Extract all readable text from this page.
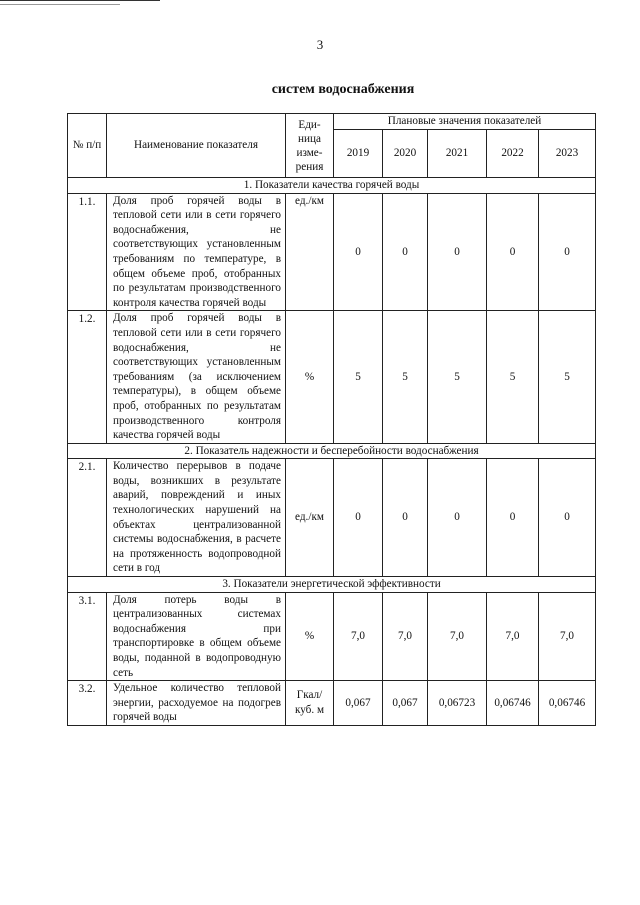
3
систем водоснабжения
№ п/п	Наименование показателя	Еди-ница изме-рения	Плановые значения показателей				
			2019	2020	2021	2022	2023
1. Показатели качества горячей воды							
1.1.	Доля проб горячей воды в тепловой сети или в сети горячего водоснабжения, не соответствующих установленным требованиям по температуре, в общем объеме проб, отобранных по результатам производственного контроля качества горячей воды	ед./км	0	0	0	0	0
1.2.	Доля проб горячей воды в тепловой сети или в сети горячего водоснабжения, не соответствующих установленным требованиям (за исключением температуры), в общем объеме проб, отобранных по результатам производственного контроля качества горячей воды	%	5	5	5	5	5
2. Показатель надежности и бесперебойности водоснабжения							
2.1.	Количество перерывов в подаче воды, возникших в результате аварий, повреждений и иных технологических нарушений на объектах централизованной системы водоснабжения, в расчете на протяженность водопроводной сети в год	ед./км	0	0	0	0	0
3. Показатели энергетической эффективности							
3.1.	Доля потерь воды в централизованных системах водоснабжения при транспортировке в общем объеме воды, поданной в водопроводную сеть	%	7,0	7,0	7,0	7,0	7,0
3.2.	Удельное количество тепловой энергии, расходуемое на подогрев горячей воды	Гкал/ куб. м	0,067	0,067	0,06723	0,06746	0,06746
